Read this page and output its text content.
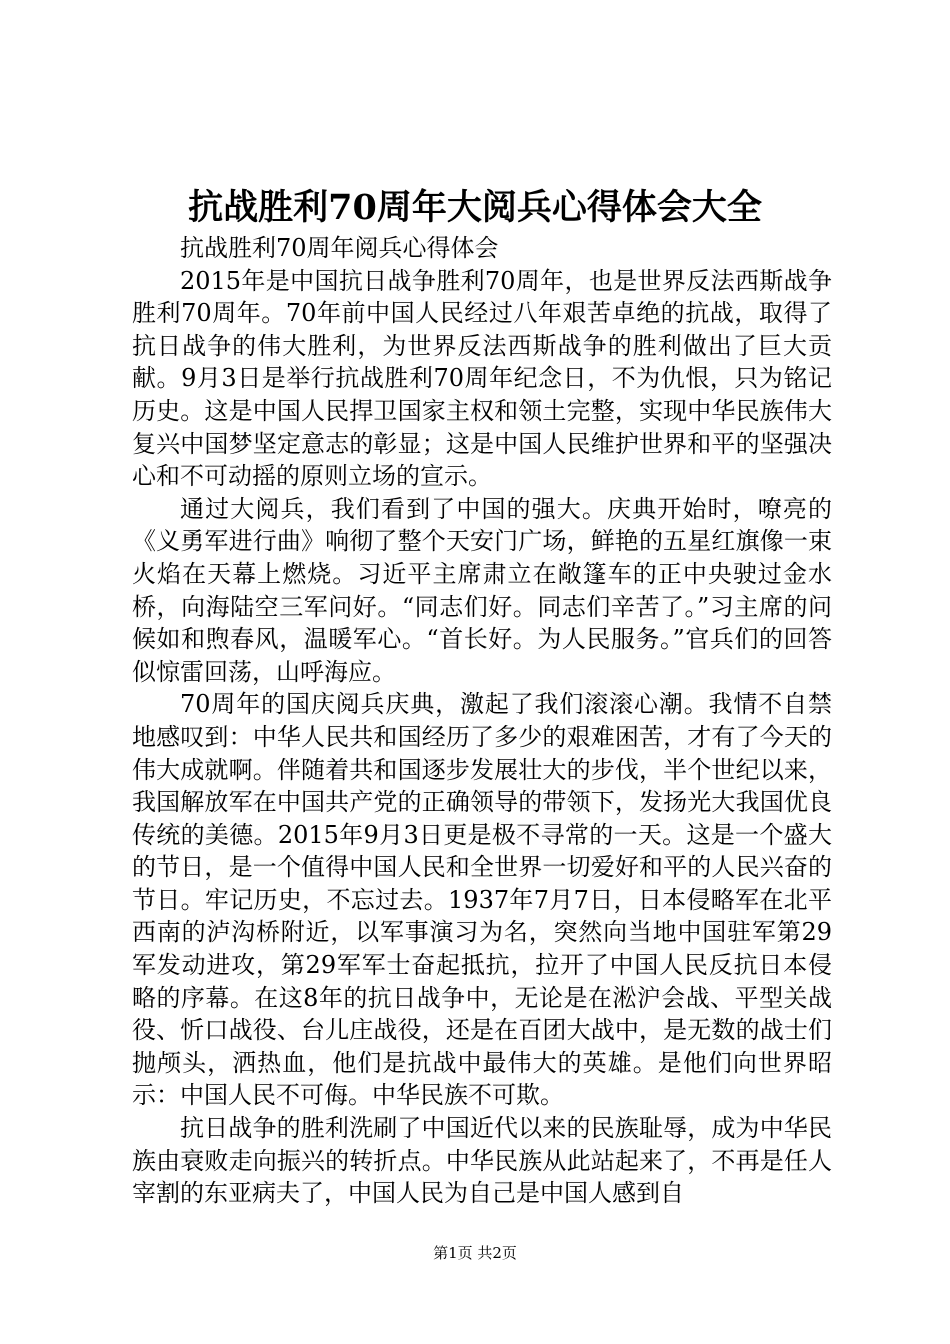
抗战胜利70周年大阅兵心得体会大全

抗战胜利70周年阅兵心得体会

2015年是中国抗日战争胜利70周年，也是世界反法西斯战争胜利70周年。70年前中国人民经过八年艰苦卓绝的抗战，取得了抗日战争的伟大胜利，为世界反法西斯战争的胜利做出了巨大贡献。9月3日是举行抗战胜利70周年纪念日，不为仇恨，只为铭记历史。这是中国人民捍卫国家主权和领土完整，实现中华民族伟大复兴中国梦坚定意志的彰显；这是中国人民维护世界和平的坚强决心和不可动摇的原则立场的宣示。

通过大阅兵，我们看到了中国的强大。庆典开始时，嘹亮的《义勇军进行曲》响彻了整个天安门广场，鲜艳的五星红旗像一束火焰在天幕上燃烧。习近平主席肃立在敞篷车的正中央驶过金水桥，向海陆空三军问好。“同志们好。同志们辛苦了。”习主席的问候如和煦春风，温暖军心。“首长好。为人民服务。”官兵们的回答似惊雷回荡，山呼海应。

70周年的国庆阅兵庆典，激起了我们滚滚心潮。我情不自禁地感叹到：中华人民共和国经历了多少的艰难困苦，才有了今天的伟大成就啊。伴随着共和国逐步发展壮大的步伐，半个世纪以来，我国解放军在中国共产党的正确领导的带领下，发扬光大我国优良传统的美德。2015年9月3日更是极不寻常的一天。这是一个盛大的节日，是一个值得中国人民和全世界一切爱好和平的人民兴奋的节日。牢记历史，不忘过去。1937年7月7日，日本侵略军在北平西南的泸沟桥附近，以军事演习为名，突然向当地中国驻军第29军发动进攻，第29军军士奋起抵抗，拉开了中国人民反抗日本侵略的序幕。在这8年的抗日战争中，无论是在淞沪会战、平型关战役、忻口战役、台儿庄战役，还是在百团大战中，是无数的战士们抛颅头，洒热血，他们是抗战中最伟大的英雄。是他们向世界昭示：中国人民不可侮。中华民族不可欺。

抗日战争的胜利洗刷了中国近代以来的民族耻辱，成为中华民族由衰败走向振兴的转折点。中华民族从此站起来了，不再是任人宰割的东亚病夫了，中国人民为自己是中国人感到自

第1页 共2页
